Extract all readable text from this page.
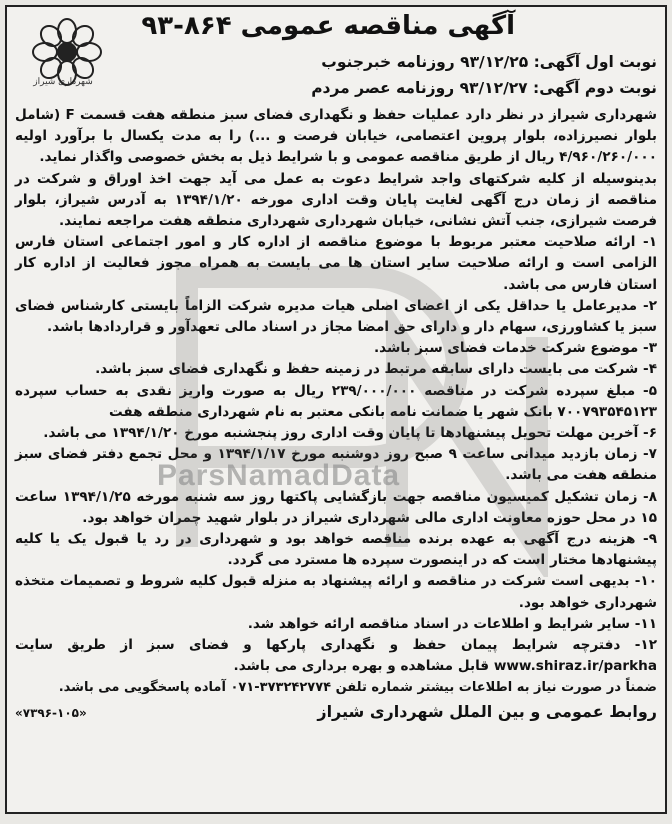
آگهی مناقصه عمومی ۸۶۴-۹۳
شهرداری شیراز
نوبت اول آگهی: ۹۳/۱۲/۲۵ روزنامه خبرجنوب
نوبت دوم آگهی: ۹۳/۱۲/۲۷ روزنامه عصر مردم

شهرداری شیراز در نظر دارد عملیات حفظ و نگهداری فضای سبز منطقه هفت قسمت F (شامل بلوار نصیرزاده، بلوار پروین اعتصامی، خیابان فرصت و ...) را به مدت یکسال با برآورد اولیه ۴/۹۶۰/۲۶۰/۰۰۰ ریال از طریق مناقصه عمومی و با شرایط ذیل به بخش خصوصی واگذار نماید.

بدینوسیله از کلیه شرکتهای واجد شرایط دعوت به عمل می آید جهت اخذ اوراق و شرکت در مناقصه از زمان درج آگهی لغایت پایان وقت اداری مورخه ۱۳۹۴/۱/۲۰ به آدرس شیراز، بلوار فرصت شیرازی، جنب آتش نشانی، خیابان شهرداری شهرداری منطقه هفت مراجعه نمایند.

۱- ارائه صلاحیت معتبر مربوط با موضوع مناقصه از اداره کار و امور اجتماعی استان فارس الزامی است و ارائه صلاحیت سایر استان ها می بایست به همراه مجوز فعالیت از اداره کار استان فارس می باشد.

۲- مدیرعامل یا حداقل یکی از اعضای اصلی هیات مدیره شرکت الزاماً بایستی کارشناس فضای سبز یا کشاورزی، سهام دار و دارای حق امضا مجاز در اسناد مالی تعهدآور و قراردادها باشد.

۳- موضوع شرکت خدمات فضای سبز باشد.

۴- شرکت می بایست دارای سابقه مرتبط در زمینه حفظ و نگهداری فضای سبز باشد.

۵- مبلغ سپرده شرکت در مناقصه ۲۳۹/۰۰۰/۰۰۰ ریال به صورت واریز نقدی به حساب سپرده ۷۰۰۷۹۳۵۴۵۱۲۳ بانک شهر یا ضمانت نامه بانکی معتبر به نام شهرداری منطقه هفت

۶- آخرین مهلت تحویل پیشنهادها تا پایان وقت اداری روز پنجشنبه مورخ ۱۳۹۴/۱/۲۰ می باشد.

۷- زمان بازدید میدانی ساعت ۹ صبح روز دوشنبه مورخ ۱۳۹۴/۱/۱۷ و محل تجمع دفتر فضای سبز منطقه هفت می باشد.

۸- زمان تشکیل کمیسیون مناقصه جهت بازگشایی پاکتها روز سه شنبه مورخه ۱۳۹۴/۱/۲۵ ساعت ۱۵ در محل حوزه معاونت اداری مالی شهرداری شیراز در بلوار شهید چمران خواهد بود.

۹- هزینه درج آگهی به عهده برنده مناقصه خواهد بود و شهرداری در رد یا قبول یک یا کلیه پیشنهادها مختار است که در اینصورت سپرده ها مسترد می گردد.

۱۰- بدیهی است شرکت در مناقصه و ارائه پیشنهاد به منزله قبول کلیه شروط و تصمیمات متخذه شهرداری خواهد بود.

۱۱- سایر شرایط و اطلاعات در اسناد مناقصه ارائه خواهد شد.

۱۲- دفترچه شرایط پیمان حفظ و نگهداری پارکها و فضای سبز از طریق سایت www.shiraz.ir/parkha قابل مشاهده و بهره برداری می باشد.

ضمناً در صورت نیاز به اطلاعات بیشتر شماره تلفن ۳۷۳۲۴۲۷۷۴-۰۷۱ آماده پاسخگویی می باشد.

روابط عمومی و بین الملل شهرداری شیراز
«۷۳۹۶-۱۰۵»
ParsNamadData
